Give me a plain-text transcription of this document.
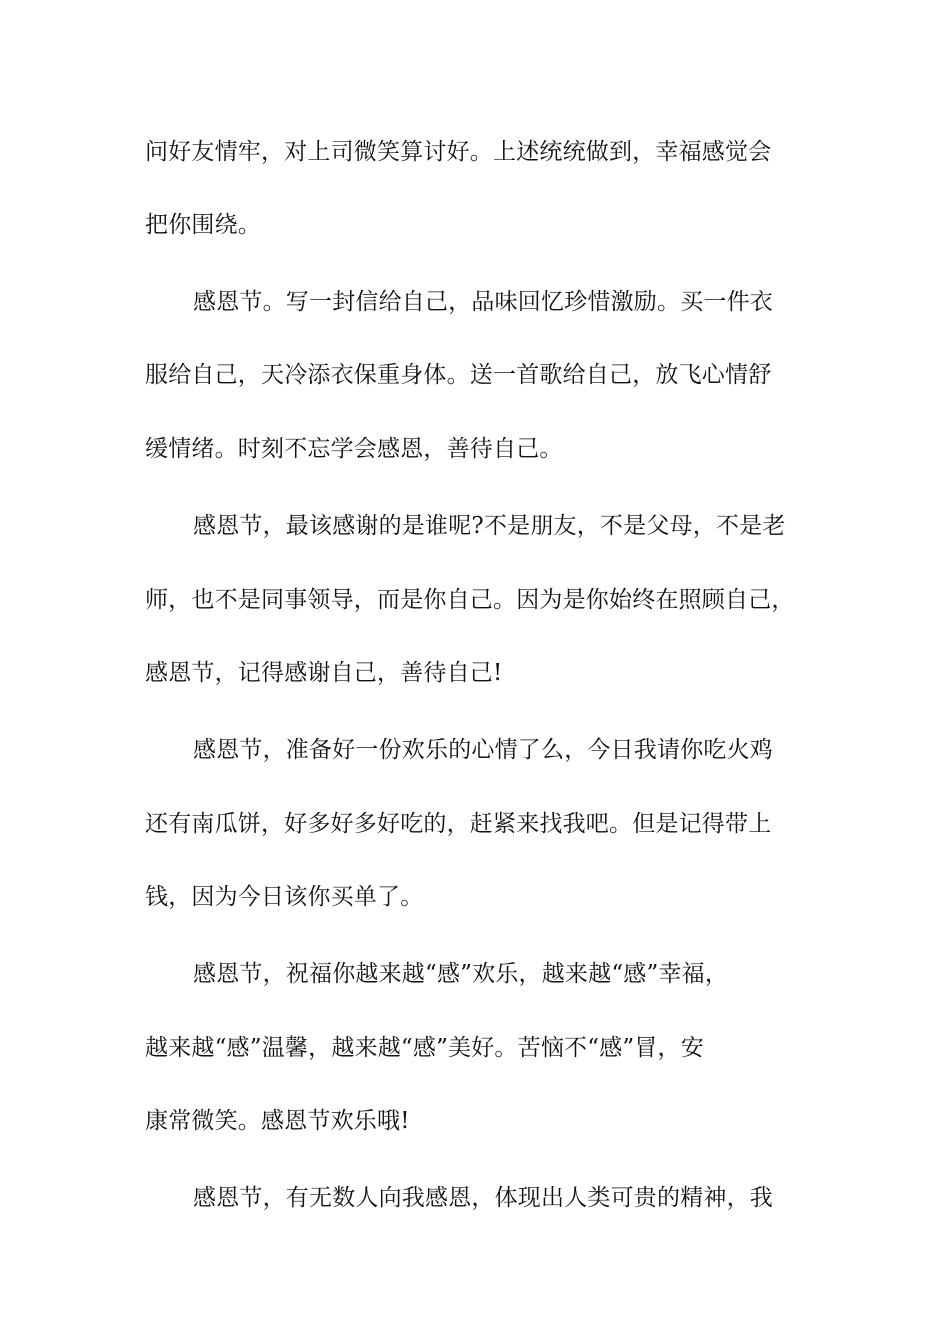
问好友情牢，对上司微笑算讨好。上述统统做到，幸福感觉会
把你围绕。
感恩节。写一封信给自己，品味回忆珍惜激励。买一件衣
服给自己，天冷添衣保重身体。送一首歌给自己，放飞心情舒
缓情绪。时刻不忘学会感恩，善待自己。
感恩节，最该感谢的是谁呢?不是朋友，不是父母，不是老
师，也不是同事领导，而是你自己。因为是你始终在照顾自己，
感恩节，记得感谢自己，善待自己!
感恩节，准备好一份欢乐的心情了么，今日我请你吃火鸡
还有南瓜饼，好多好多好吃的，赶紧来找我吧。但是记得带上
钱，因为今日该你买单了。
感恩节，祝福你越来越“感”欢乐，越来越“感”幸福，
越来越“感”温馨，越来越“感”美好。苦恼不“感”冒，安
康常微笑。感恩节欢乐哦!
感恩节，有无数人向我感恩，体现出人类可贵的精神，我
